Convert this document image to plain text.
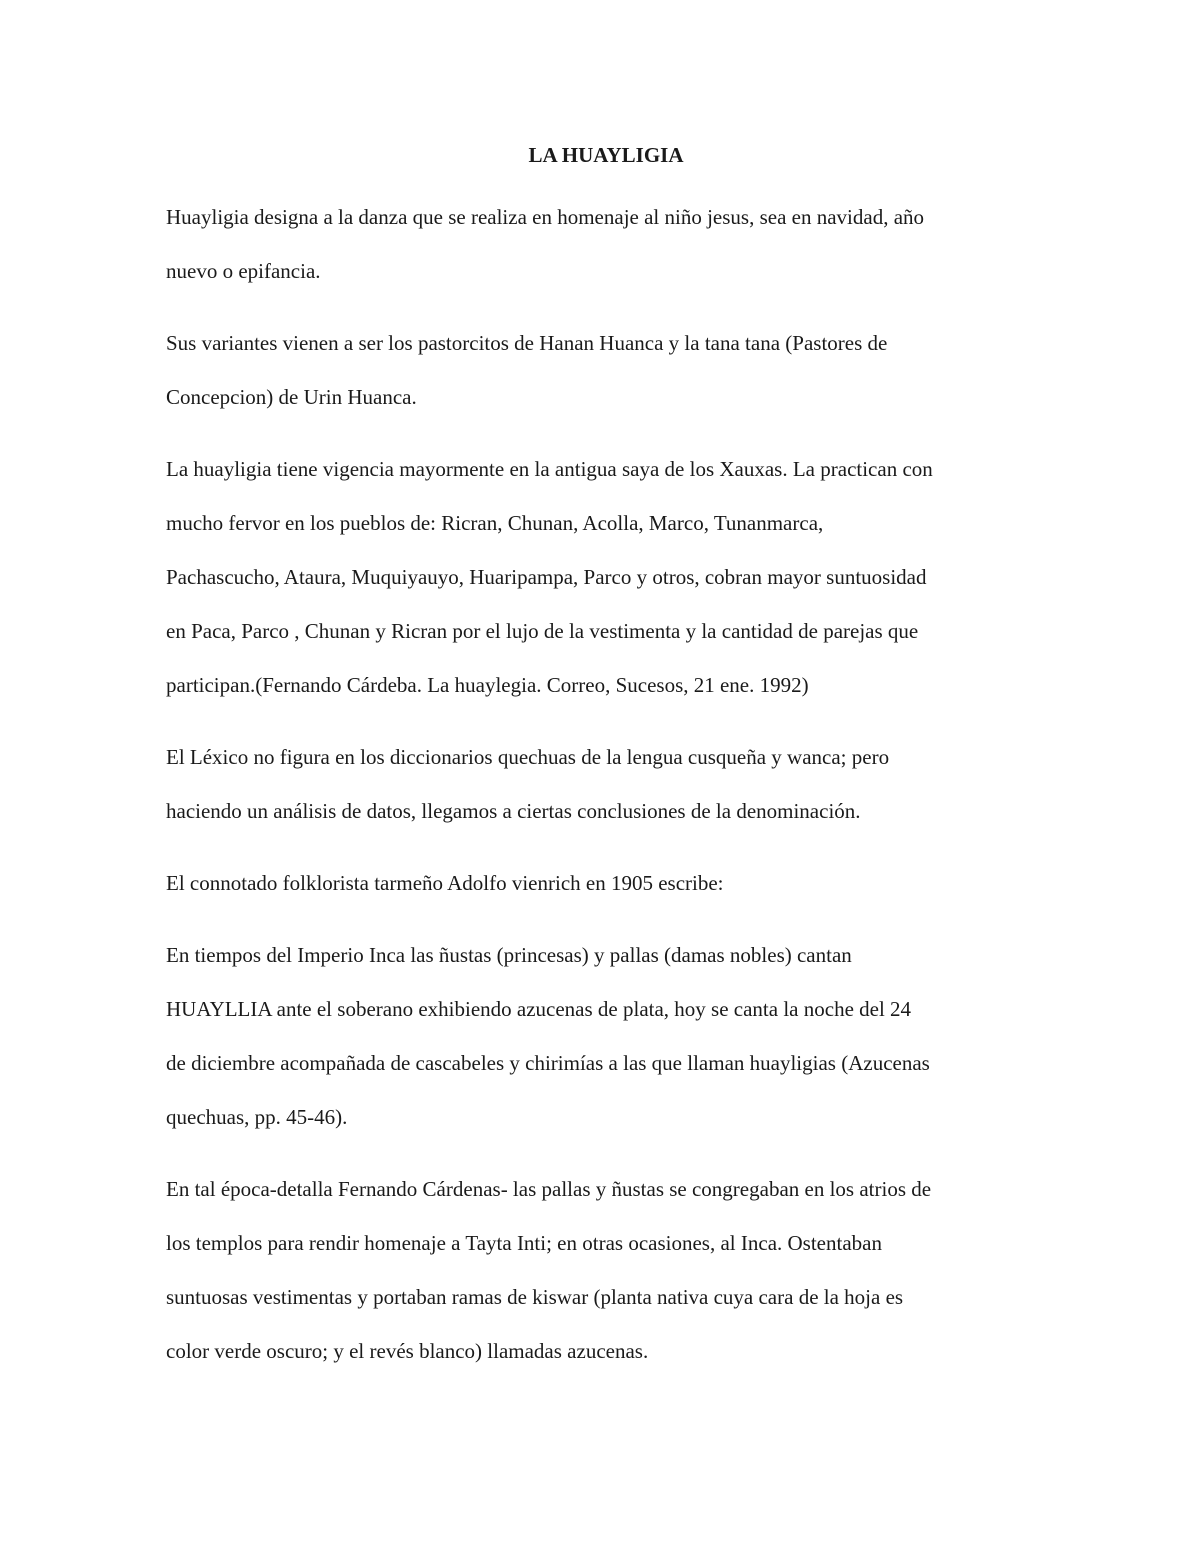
LA HUAYLIGIA
Huayligia designa a la danza que se realiza en homenaje al niño jesus, sea en navidad, año
nuevo o epifancia.
Sus variantes vienen a ser los pastorcitos de Hanan Huanca y la tana tana (Pastores de
Concepcion) de Urin Huanca.
La huayligia tiene vigencia mayormente en la antigua saya de los Xauxas. La practican con
mucho fervor en los pueblos de: Ricran, Chunan, Acolla, Marco, Tunanmarca,
Pachascucho, Ataura, Muquiyauyo, Huaripampa, Parco y otros, cobran mayor suntuosidad
en Paca, Parco , Chunan y Ricran por el lujo de la vestimenta y la cantidad de parejas que
participan.(Fernando Cárdeba. La huaylegia. Correo, Sucesos, 21 ene. 1992)
El Léxico no figura en los diccionarios quechuas de la lengua cusqueña y wanca; pero
haciendo un análisis de datos, llegamos a ciertas conclusiones de la denominación.
El connotado folklorista tarmeño Adolfo vienrich en 1905 escribe:
En tiempos del Imperio Inca las ñustas (princesas) y pallas (damas nobles) cantan
HUAYLLIA ante el soberano exhibiendo azucenas de plata, hoy se canta la noche del 24
de diciembre acompañada de cascabeles y chirimías a las que llaman huayligias (Azucenas
quechuas, pp. 45-46).
En tal época-detalla Fernando Cárdenas- las pallas y ñustas se congregaban en los atrios de
los templos para rendir homenaje a Tayta Inti; en otras ocasiones, al Inca. Ostentaban
suntuosas vestimentas y portaban ramas de kiswar (planta nativa cuya cara de la hoja es
color verde oscuro; y el revés blanco) llamadas azucenas.
